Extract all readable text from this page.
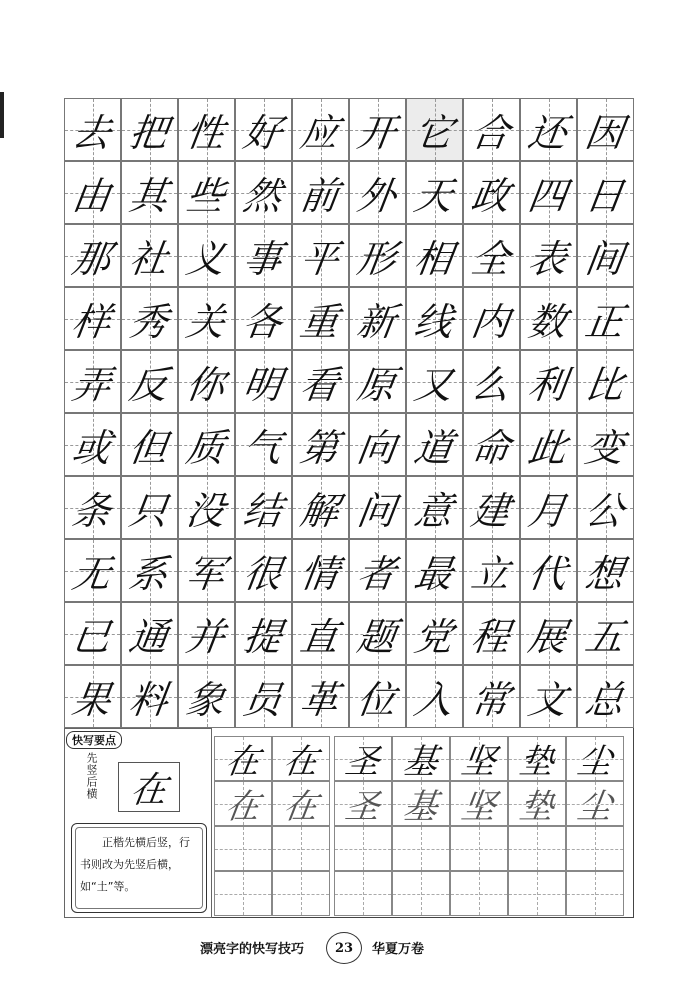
去 把 性 好 应 开 它 合 还 因
由 其 些 然 前 外 天 政 四 日
那 社 义 事 平 形 相 全 表 间
样 秀 关 各 重 新 线 内 数 正
弄 反 你 明 看 原 又 么 利 比
或 但 质 气 第 向 道 命 此 变
条 只 没 结 解 问 意 建 月 公
无 系 军 很 情 者 最 立 代 想
已 通 并 提 直 题 党 程 展 五
果 料 象 员 革 位 入 常 文 总
快写要点
先竖后横 在

正楷先横后竖，行书则改为先竖后横，如“土”等。

在 在 圣 基 坚 垫 尘
在 在 圣 基 坚 垫 尘
漂亮字的快写技巧	23	华夏万卷
